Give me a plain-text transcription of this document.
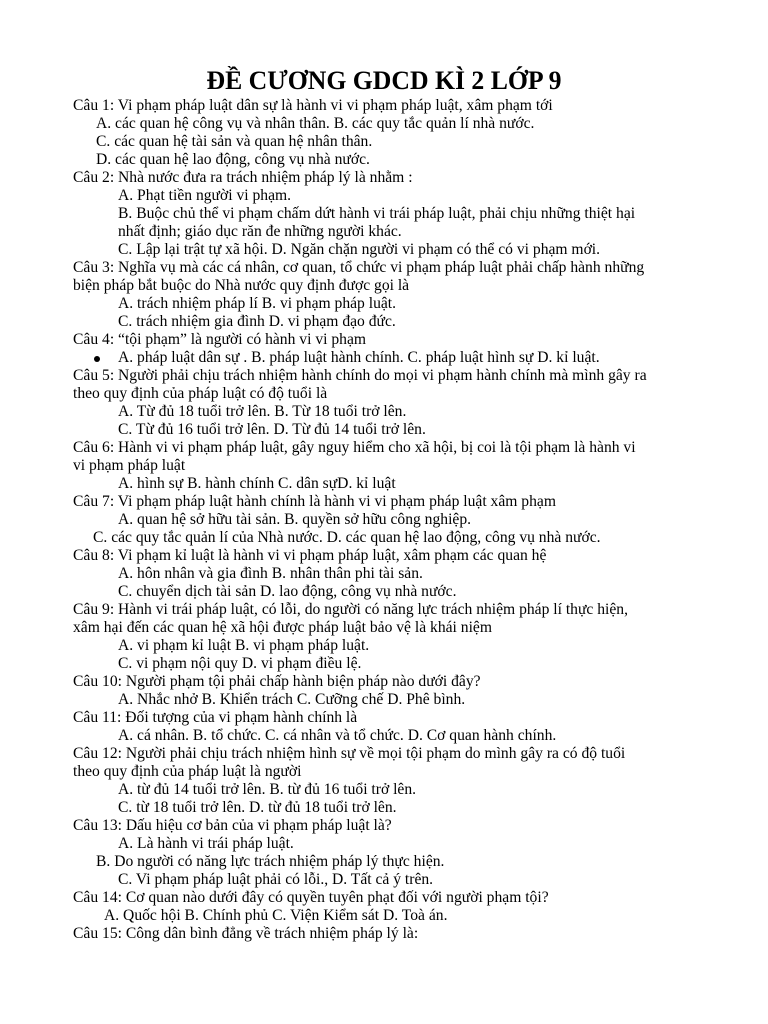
ĐỀ CƯƠNG GDCD KÌ 2 LỚP 9
Câu 1: Vi phạm pháp luật dân sự là hành vi vi phạm pháp luật, xâm phạm tới
A. các quan hệ công vụ và nhân thân. B. các quy tắc quản lí nhà nước.
C. các quan hệ tài sản và quan hệ nhân thân.
D. các quan hệ lao động, công vụ nhà nước.
Câu 2: Nhà nước đưa ra trách nhiệm pháp lý là nhằm :
A. Phạt tiền người vi phạm.
B. Buộc chủ thể vi phạm chấm dứt hành vi trái pháp luật, phải chịu những thiệt hại
nhất định; giáo dục răn đe những người khác.
C. Lập lại trật tự xã hội. D. Ngăn chặn người vi phạm có thể có vi phạm mới.
Câu 3: Nghĩa vụ mà các cá nhân, cơ quan, tổ chức vi phạm pháp luật phải chấp hành những
biện pháp bắt buộc do Nhà nước quy định được gọi là
A. trách nhiệm pháp lí B. vi phạm pháp luật.
C. trách nhiệm gia đình D. vi phạm đạo đức.
Câu 4: “tội phạm” là người có hành vi vi phạm
A. pháp luật dân sự . B. pháp luật hành chính. C. pháp luật hình sự D. kỉ luật.
Câu 5: Người phải chịu trách nhiệm hành chính do mọi vi phạm hành chính mà mình gây ra
theo quy định của pháp luật có độ tuổi là
A. Từ đủ 18 tuổi trở lên. B. Từ 18 tuổi trở lên.
C. Từ đủ 16 tuổi trở lên. D. Từ đủ 14 tuổi trở lên.
Câu 6: Hành vi vi phạm pháp luật, gây nguy hiểm cho xã hội, bị coi là tội phạm là hành vi
vi phạm pháp luật
A. hình sự B. hành chính C. dân sựD. kỉ luật
Câu 7: Vi phạm pháp luật hành chính là hành vi vi phạm pháp luật xâm phạm
A. quan hệ sở hữu tài sản. B. quyền sở hữu công nghiệp.
C. các quy tắc quản lí của Nhà nước. D. các quan hệ lao động, công vụ nhà nước.
Câu 8: Vi phạm kỉ luật là hành vi vi phạm pháp luật, xâm phạm các quan hệ
A. hôn nhân và gia đình B. nhân thân phi tài sản.
C. chuyển dịch tài sản D. lao động, công vụ nhà nước.
Câu 9: Hành vi trái pháp luật, có lỗi, do người có năng lực trách nhiệm pháp lí thực hiện,
xâm hại đến các quan hệ xã hội được pháp luật bảo vệ là khái niệm
A. vi phạm kỉ luật B. vi phạm pháp luật.
C. vi phạm nội quy D. vi phạm điều lệ.
Câu 10: Người phạm tội phải chấp hành biện pháp nào dưới đây?
A. Nhắc nhở B. Khiển trách C. Cưỡng chế D. Phê bình.
Câu 11: Đối tượng của vi phạm hành chính là
A. cá nhân. B. tổ chức. C. cá nhân và tổ chức. D. Cơ quan hành chính.
Câu 12: Người phải chịu trách nhiệm hình sự về mọi tội phạm do mình gây ra có độ tuổi
theo quy định của pháp luật là người
A. từ đủ 14 tuổi trở lên. B. từ đủ 16 tuổi trở lên.
C. từ 18 tuổi trở lên. D. từ đủ 18 tuổi trở lên.
Câu 13: Dấu hiệu cơ bản của vi phạm pháp luật là?
A. Là hành vi trái pháp luật.
B. Do người có năng lực trách nhiệm pháp lý thực hiện.
C. Vi phạm pháp luật phải có lỗi., D. Tất cả ý trên.
Câu 14: Cơ quan nào dưới đây có quyền tuyên phạt đối với người phạm tội?
A. Quốc hội B. Chính phủ C. Viện Kiểm sát D. Toà án.
Câu 15: Công dân bình đẳng về trách nhiệm pháp lý là:
